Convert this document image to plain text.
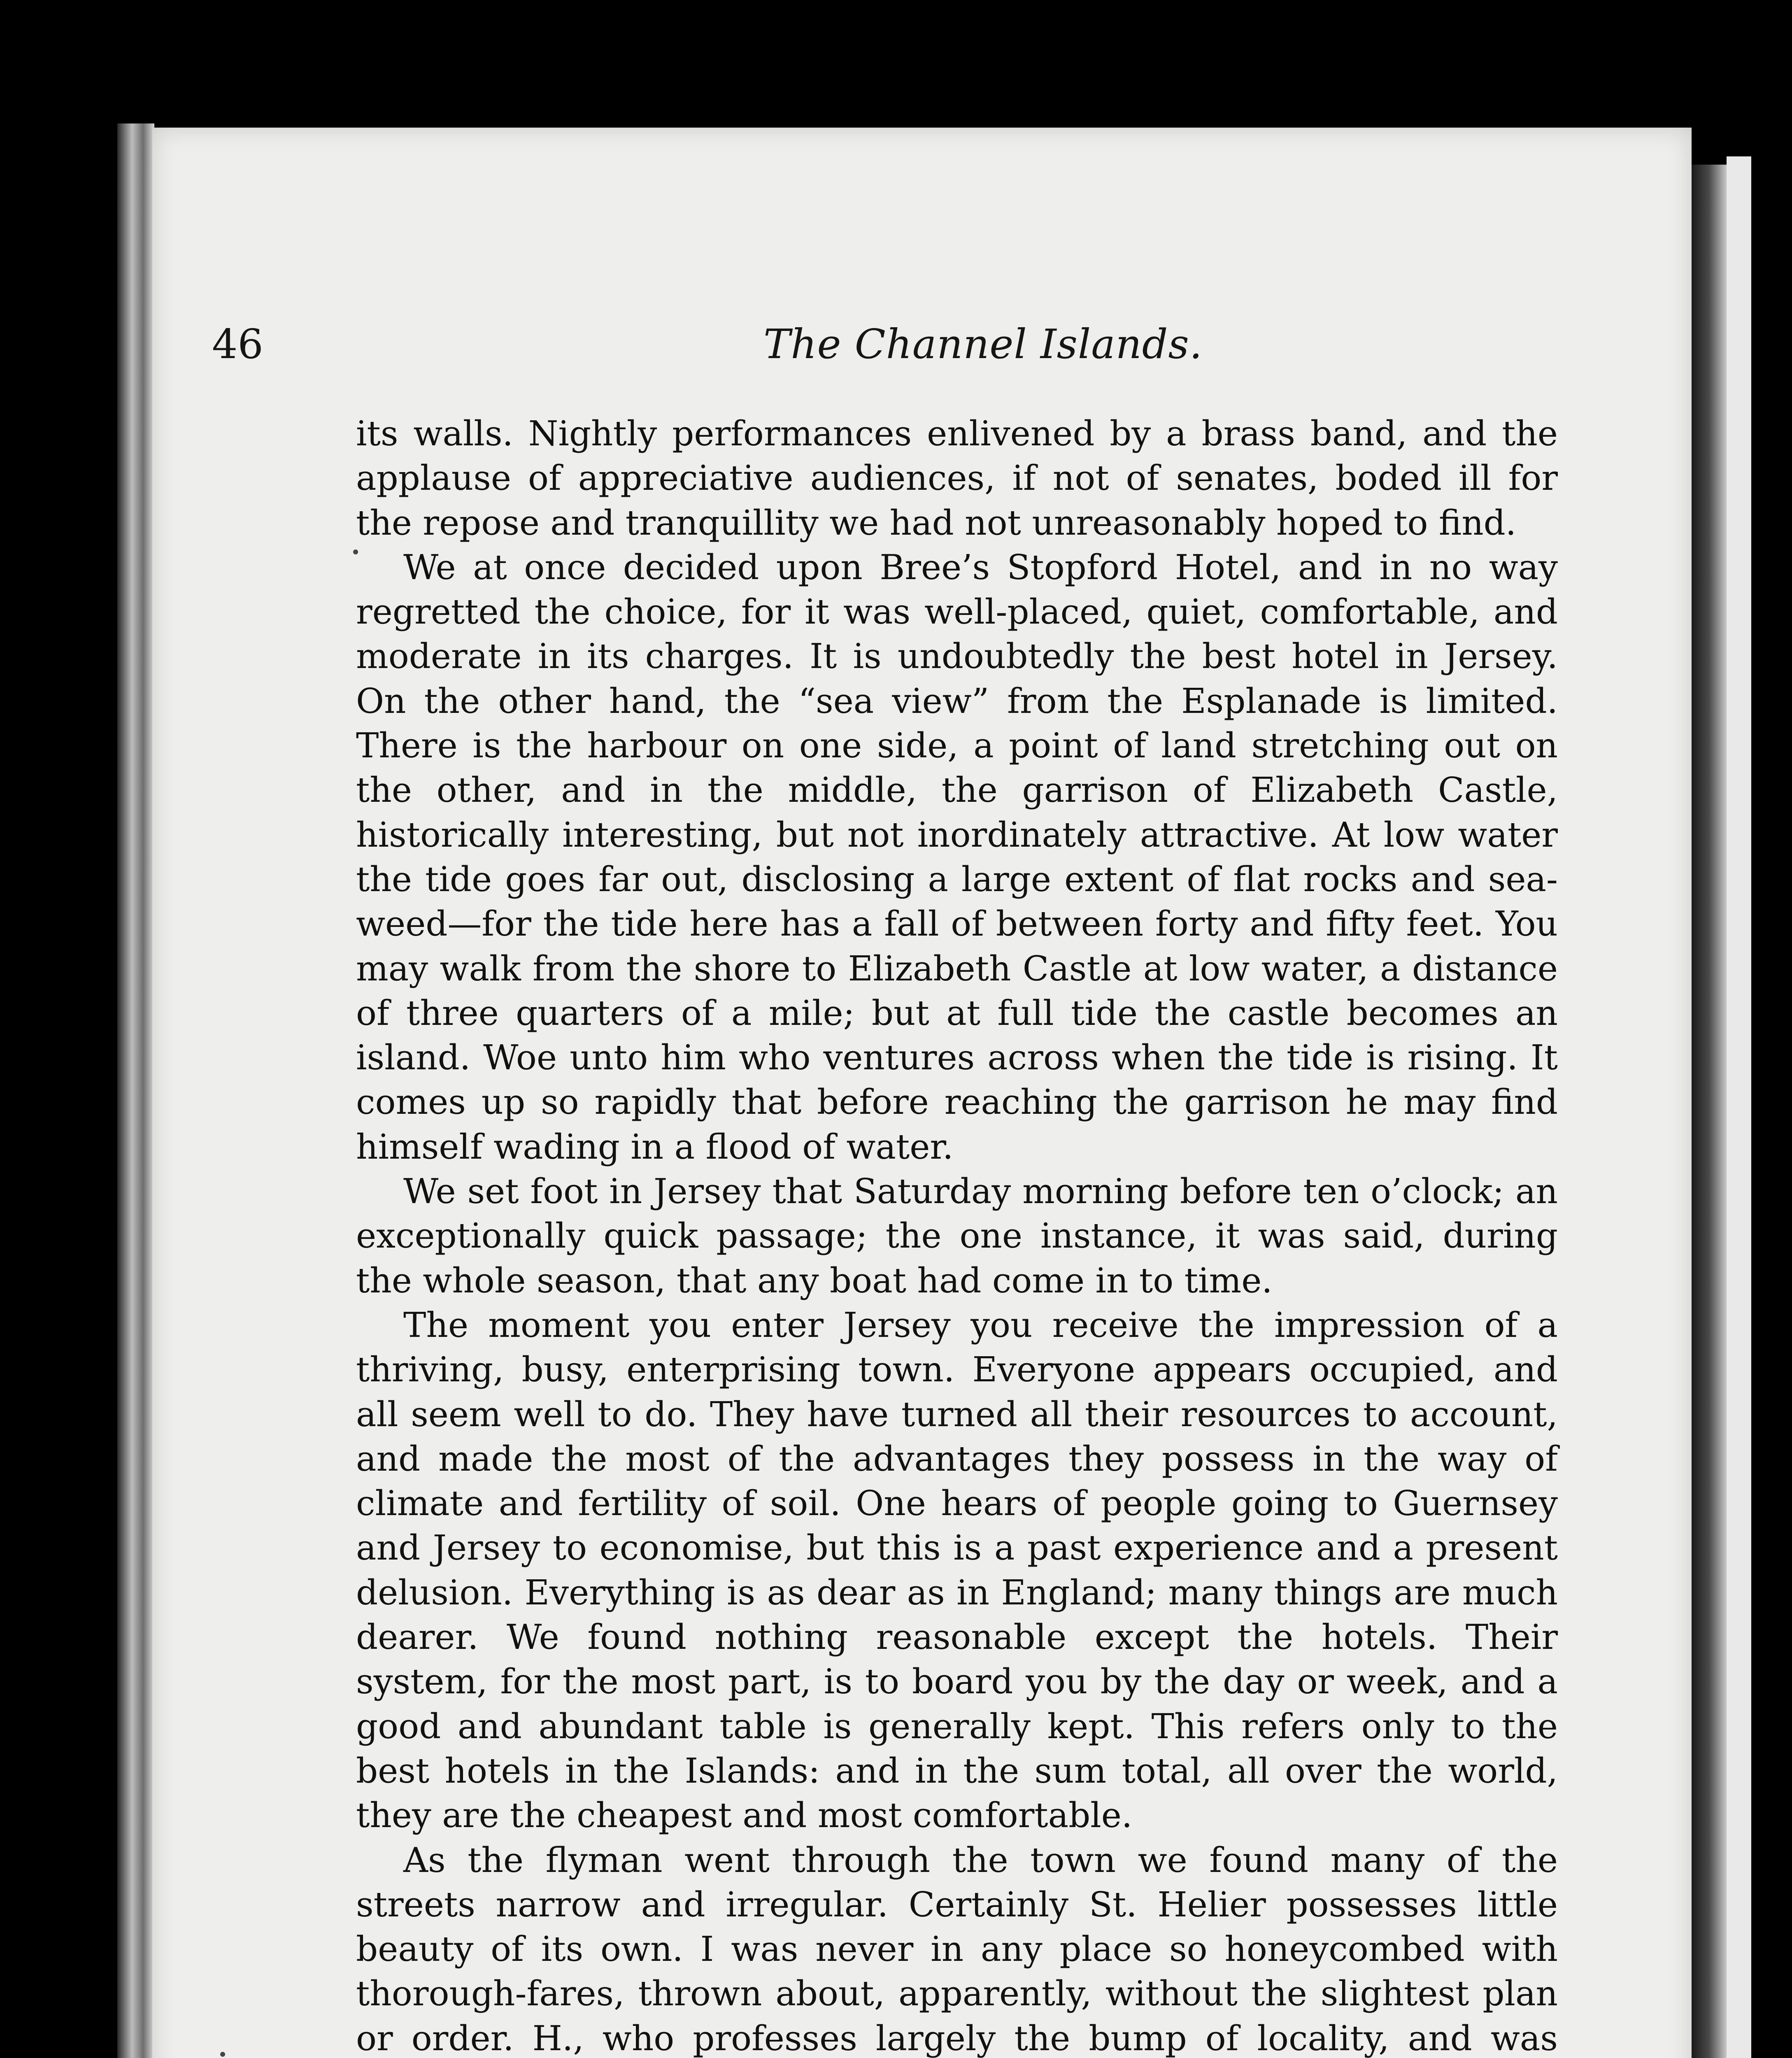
46	The Channel Islands.

its walls. Nightly performances enlivened by a brass band, and the applause of appreciative audiences, if not of senates, boded ill for the repose and tranquillity we had not unreasonably hoped to find.

We at once decided upon Bree’s Stopford Hotel, and in no way regretted the choice, for it was well-placed, quiet, comfortable, and moderate in its charges. It is undoubtedly the best hotel in Jersey. On the other hand, the “sea view” from the Esplanade is limited. There is the harbour on one side, a point of land stretching out on the other, and in the middle, the garrison of Elizabeth Castle, historically interesting, but not inordinately attractive. At low water the tide goes far out, disclosing a large extent of flat rocks and sea-weed—for the tide here has a fall of between forty and fifty feet. You may walk from the shore to Elizabeth Castle at low water, a distance of three quarters of a mile; but at full tide the castle becomes an island. Woe unto him who ventures across when the tide is rising. It comes up so rapidly that before reaching the garrison he may find himself wading in a flood of water.

We set foot in Jersey that Saturday morning before ten o’clock; an exceptionally quick passage; the one instance, it was said, during the whole season, that any boat had come in to time.

The moment you enter Jersey you receive the impression of a thriving, busy, enterprising town. Everyone appears occupied, and all seem well to do. They have turned all their resources to account, and made the most of the advantages they possess in the way of climate and fertility of soil. One hears of people going to Guernsey and Jersey to economise, but this is a past experience and a present delusion. Everything is as dear as in England; many things are much dearer. We found nothing reasonable except the hotels. Their system, for the most part, is to board you by the day or week, and a good and abundant table is generally kept. This refers only to the best hotels in the Islands: and in the sum total, all over the world, they are the cheapest and most comfortable.

As the flyman went through the town we found many of the streets narrow and irregular. Certainly St. Helier possesses little beauty of its own. I was never in any place so honeycombed with thorough-fares, thrown about, apparently, without the slightest plan or order. H., who professes largely the bump of locality, and was
